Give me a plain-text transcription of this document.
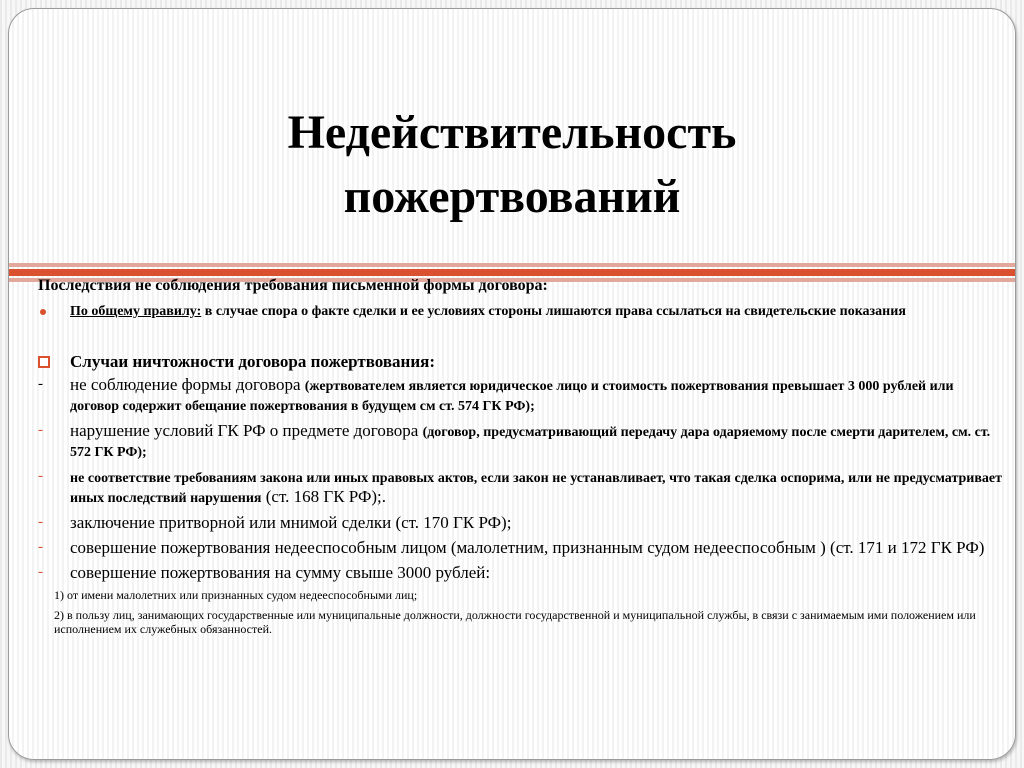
Недействительность
пожертвований
Последствия не соблюдения требования письменной формы договора:
По общему правилу: в случае спора о факте сделки и ее условиях стороны лишаются права ссылаться на свидетельские показания
Случаи ничтожности договора пожертвования:
-	не соблюдение формы договора (жертвователем является юридическое лицо и стоимость пожертвования превышает 3 000 рублей или договор содержит обещание пожертвования в будущем см ст. 574 ГК РФ);
-	нарушение условий ГК РФ о предмете договора (договор, предусматривающий передачу дара одаряемому после смерти дарителем, см. ст. 572 ГК РФ);
-	не соответствие требованиям закона или иных правовых актов, если закон не устанавливает, что такая сделка оспорима, или не предусматривает иных последствий нарушения (ст. 168 ГК РФ);.
-	заключение притворной или мнимой сделки (ст. 170 ГК РФ);
-	совершение пожертвования недееспособным лицом (малолетним, признанным судом недееспособным ) (ст. 171 и 172 ГК РФ)
-	совершение пожертвования на сумму свыше 3000 рублей:
1) от имени малолетних или признанных судом недееспособными лиц;
2) в пользу лиц, занимающих государственные или муниципальные должности, должности государственной и муниципальной службы, в связи с занимаемым ими положением или исполнением их служебных обязанностей.
